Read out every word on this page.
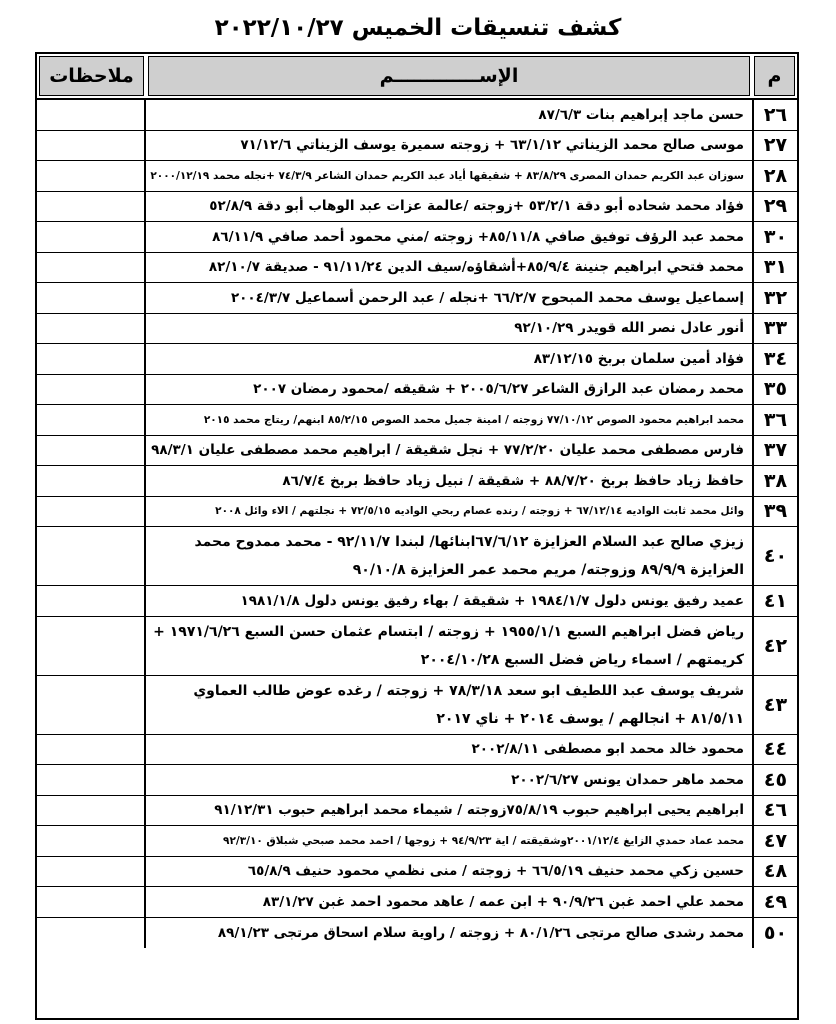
كشف تنسيقات الخميس ٢٠٢٢/١٠/٢٧
م
الإســـــــــــــم
ملاحظات
٢٦
حسن ماجد إبراهيم بنات ٨٧/٦/٣
٢٧
موسى صالح محمد الزيناتي ٦٣/١/١٢ + زوجته سميرة يوسف الزيناتي ٧١/١٢/٦
٢٨
سوزان عبد الكريم حمدان المصرى ٨٣/٨/٢٩ + شقيقها أياد عبد الكريم حمدان الشاعر ٧٤/٣/٩ +نجله محمد ٢٠٠٠/١٢/١٩
٢٩
فؤاد محمد شحاده أبو دقة ٥٣/٢/١ +زوجته /عالمة عزات عبد الوهاب أبو دقة ٥٢/٨/٩
٣٠
محمد عبد الرؤف توفيق صافي ٨٥/١١/٨+ زوجته /مني محمود أحمد صافي ٨٦/١١/٩
٣١
محمد فتحي ابراهيم جنينة ٨٥/٩/٤+أشقاؤه/سيف الدين ٩١/١١/٢٤ - صديقة ٨٢/١٠/٧
٣٢
إسماعيل يوسف محمد المبحوح ٦٦/٢/٧ +نجله / عبد الرحمن أسماعيل ٢٠٠٤/٣/٧
٣٣
أنور عادل نصر الله قويدر ٩٢/١٠/٢٩
٣٤
فؤاد أمين سلمان بربخ ٨٣/١٢/١٥
٣٥
محمد رمضان عبد الرازق الشاعر ٢٠٠٥/٦/٢٧ + شقيقه /محمود رمضان ٢٠٠٧
٣٦
محمد ابراهيم محمود الصوص ٧٧/١٠/١٢ زوجته / امينة جميل محمد الصوص ٨٥/٢/١٥ ابنهم/ ريتاج محمد ٢٠١٥
٣٧
فارس مصطفى محمد عليان ٧٧/٢/٢٠ + نجل شقيقة / ابراهيم محمد مصطفى عليان ٩٨/٣/١
٣٨
حافظ زياد حافظ بربخ ٨٨/٧/٢٠ + شقيقة / نبيل زياد حافظ بربخ ٨٦/٧/٤
٣٩
وائل محمد ثابت الواديه ٦٧/١٢/١٤ + زوجته / رنده عصام ربحي الواديه ٧٢/٥/١٥ + نجلتهم / الاء وائل ٢٠٠٨
٤٠
زيزي صالح عبد السلام العزايزة ٦٧/٦/١٢ابنائها/ لبندا ٩٢/١١/٧ - محمد ممدوح محمد العزايزة ٨٩/٩/٩ وزوجته/ مريم محمد عمر العزايزة ٩٠/١٠/٨
٤١
عميد رفيق يونس دلول ١٩٨٤/١/٧ + شقيقة / بهاء رفيق يونس دلول ١٩٨١/١/٨
٤٢
رياض فضل ابراهيم السبع ١٩٥٥/١/١ + زوجته / ابتسام عثمان حسن السبع ١٩٧١/٦/٢٦ + كريمتهم / اسماء رياض فضل السبع ٢٠٠٤/١٠/٢٨
٤٣
شريف يوسف عبد اللطيف ابو سعد ٧٨/٣/١٨ + زوجته / رغده عوض طالب العماوي ٨١/٥/١١ + انجالهم / يوسف ٢٠١٤ + ناي ٢٠١٧
٤٤
محمود خالد محمد ابو مصطفى ٢٠٠٢/٨/١١
٤٥
محمد ماهر حمدان يونس ٢٠٠٢/٦/٢٧
٤٦
ابراهيم يحيى ابراهيم حبوب ٧٥/٨/١٩زوجته / شيماء محمد ابراهيم حبوب ٩١/١٢/٣١
٤٧
محمد عماد حمدي الزايغ ٢٠٠١/١٢/٤وشقيقته / اية ٩٤/٩/٢٣ + زوجها / احمد محمد صبحي شبلاق ٩٢/٣/١٠
٤٨
حسين زكي محمد حنيف ٦٦/٥/١٩ + زوجته / منى نظمي محمود حنيف ٦٥/٨/٩
٤٩
محمد علي احمد غبن ٩٠/٩/٢٦ + ابن عمه / عاهد محمود احمد غبن ٨٣/١/٢٧
٥٠
محمد رشدى صالح مرتجى ٨٠/١/٢٦ + زوجته / راوية سلام اسحاق مرتجى ٨٩/١/٢٣
